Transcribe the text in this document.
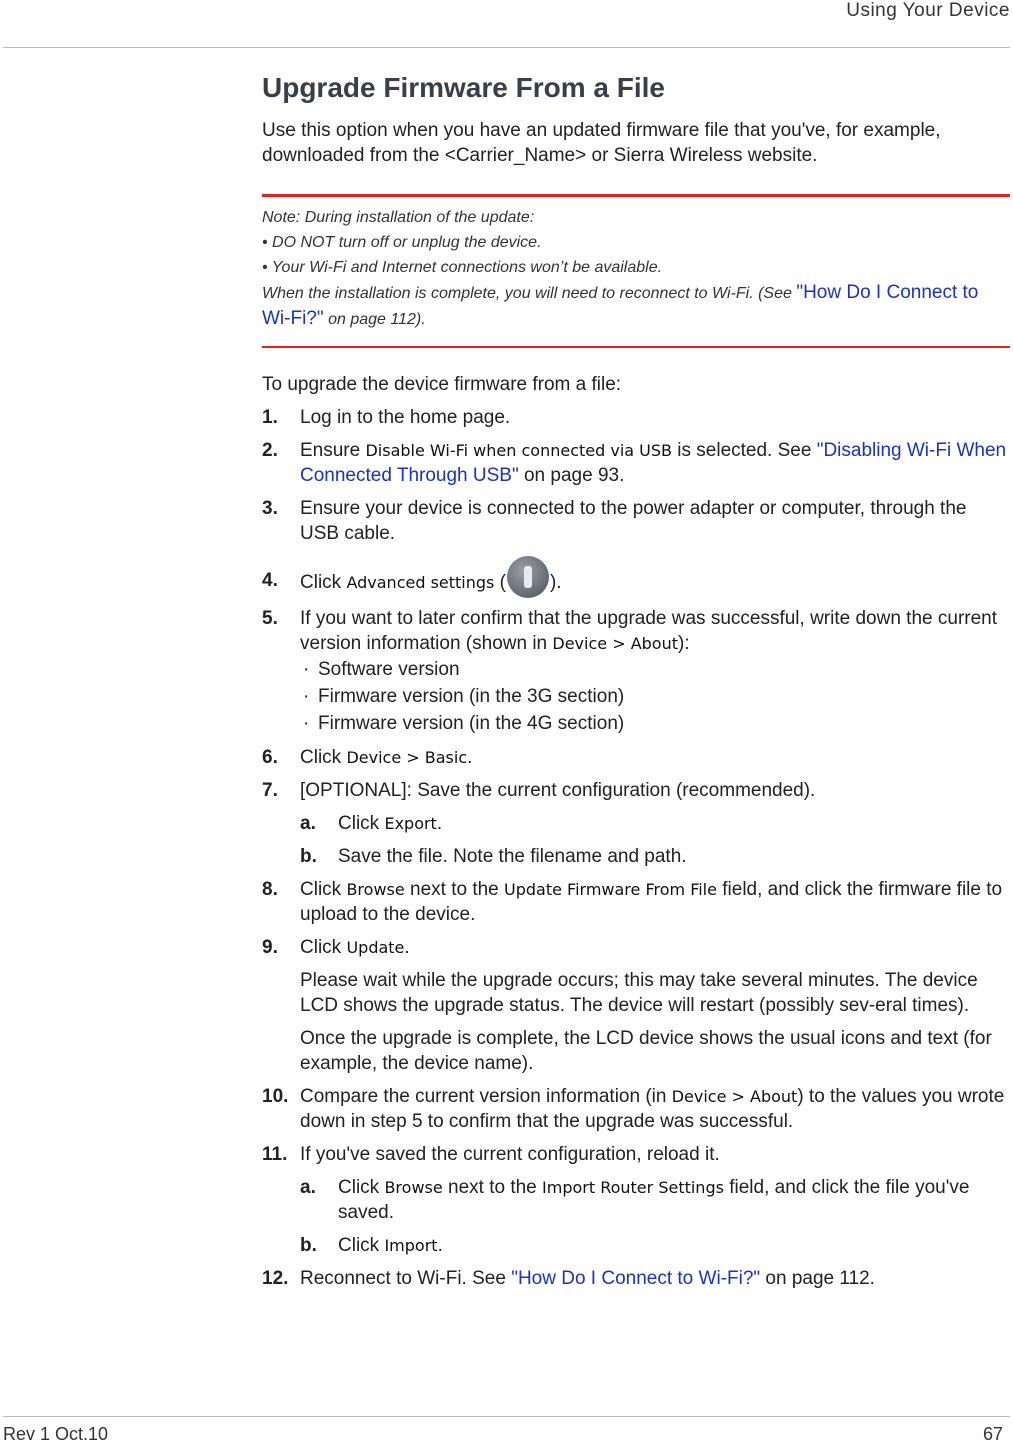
Using Your Device
Upgrade Firmware From a File

Use this option when you have an updated firmware file that you've, for example, downloaded from the <Carrier_Name> or Sierra Wireless website.

Note: During installation of the update:
• DO NOT turn off or unplug the device.
• Your Wi-Fi and Internet connections won’t be available.
When the installation is complete, you will need to reconnect to Wi-Fi. (See "How Do I Connect to Wi-Fi?" on page 112).

To upgrade the device firmware from a file:

1. Log in to the home page.
2. Ensure Disable Wi-Fi when connected via USB is selected. See "Disabling Wi-Fi When Connected Through USB" on page 93.
3. Ensure your device is connected to the power adapter or computer, through the USB cable.
4. Click Advanced settings ( ).
5. If you want to later confirm that the upgrade was successful, write down the current version information (shown in Device > About):
· Software version
· Firmware version (in the 3G section)
· Firmware version (in the 4G section)
6. Click Device > Basic.
7. [OPTIONAL]: Save the current configuration (recommended).
a. Click Export.
b. Save the file. Note the filename and path.
8. Click Browse next to the Update Firmware From File field, and click the firmware file to upload to the device.
9. Click Update.
Please wait while the upgrade occurs; this may take several minutes. The device LCD shows the upgrade status. The device will restart (possibly sev-eral times).
Once the upgrade is complete, the LCD device shows the usual icons and text (for example, the device name).
10. Compare the current version information (in Device > About) to the values you wrote down in step 5 to confirm that the upgrade was successful.
11. If you've saved the current configuration, reload it.
a. Click Browse next to the Import Router Settings field, and click the file you've saved.
b. Click Import.
12. Reconnect to Wi-Fi. See "How Do I Connect to Wi-Fi?" on page 112.
Rev 1 Oct.10	67
